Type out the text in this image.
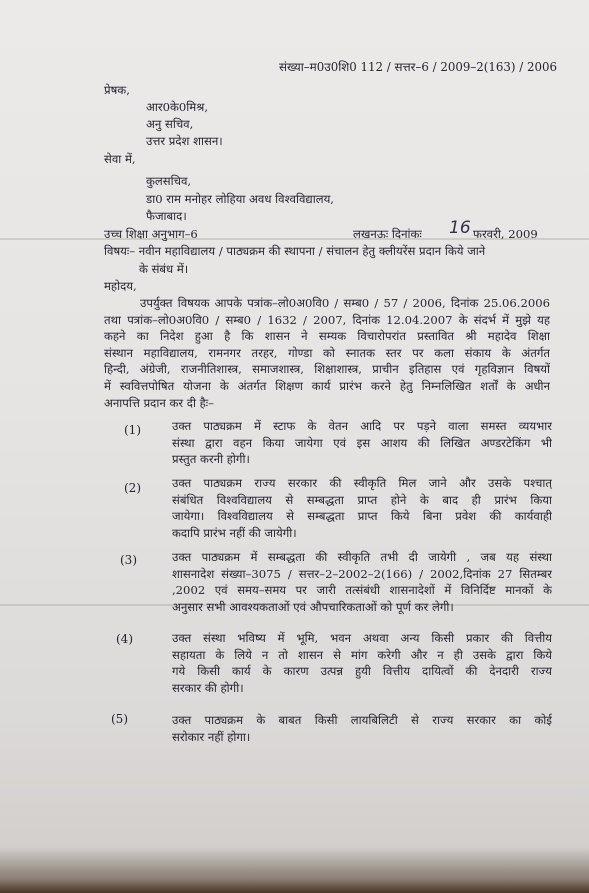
संख्या–म0उ0शि0 112 / सत्तर–6 / 2009–2(163) / 2006
प्रेषक,
आर0के0मिश्र,
अनु सचिव,
उत्तर प्रदेश शासन।
सेवा में,
कुलसचिव,
डा0 राम मनोहर लोहिया अवध विश्वविद्यालय,
फैजाबाद।
उच्च शिक्षा अनुभाग–6	लखनऊः दिनांकः 16 फरवरी, 2009
विषयः– नवीन महाविद्यालय / पाठ्यक्रम की स्थापना / संचालन हेतु क्लीयरेंस प्रदान किये जाने
के संबंध में।
महोदय,
उपर्युक्त विषयक आपके पत्रांक–लो0अ0वि0 / सम्ब0 / 57 / 2006, दिनांक 25.06.2006
तथा पत्रांक–लो0अ0वि0 / सम्ब0 / 1632 / 2007, दिनांक 12.04.2007 के संदर्भ में मुझे यह
कहने का निदेश हुआ है कि शासन ने सम्यक विचारोपरांत प्रस्तावित श्री महादेव शिक्षा
संस्थान महाविद्यालय, रामनगर तरहर, गोण्डा को स्नातक स्तर पर कला संकाय के अंतर्गत
हिन्दी, अंग्रेजी, राजनीतिशास्त्र, समाजशास्त्र, शिक्षाशास्त्र, प्राचीन इतिहास एवं गृहविज्ञान विषयों
में स्ववित्तपोषित योजना के अंतर्गत शिक्षण कार्य प्रारंभ करने हेतु निम्नलिखित शर्तों के अधीन
अनापत्ति प्रदान कर दी हैः–
(1)	उक्त पाठ्यक्रम में स्टाफ के वेतन आदि पर पड़ने वाला समस्त व्ययभार
संस्था द्वारा वहन किया जायेगा एवं इस आशय की लिखित अण्डरटेकिंग भी
प्रस्तुत करनी होगी।
(2)	उक्त पाठ्यक्रम राज्य सरकार की स्वीकृति मिल जाने और उसके पश्चात्
संबंधित विश्वविद्यालय से सम्बद्धता प्राप्त होने के बाद ही प्रारंभ किया
जायेगा। विश्वविद्यालय से सम्बद्धता प्राप्त किये बिना प्रवेश की कार्यवाही
कदापि प्रारंभ नहीं की जायेगी।
(3)	उक्त पाठ्यक्रम में सम्बद्धता की स्वीकृति तभी दी जायेगी , जब यह संस्था
शासनादेश संख्या–3075 / सत्तर–2–2002–2(166) / 2002,दिनांक 27 सितम्बर
,2002 एवं समय–समय पर जारी तत्संबंधी शासनादेशों में विनिर्दिष्ट मानकों के
अनुसार सभी आवश्यकताओं एवं औपचारिकताओं को पूर्ण कर लेगी।
(4)	उक्त संस्था भविष्य में भूमि, भवन अथवा अन्य किसी प्रकार की वित्तीय
सहायता के लिये न तो शासन से मांग करेगी और न ही उसके द्वारा किये
गये किसी कार्य के कारण उत्पन्न हुयी वित्तीय दायित्वों की देनदारी राज्य
सरकार की होगी।
(5)	उक्त पाठ्यक्रम के बाबत किसी लायबिलिटी से राज्य सरकार का कोई
सरोकार नहीं होगा।
